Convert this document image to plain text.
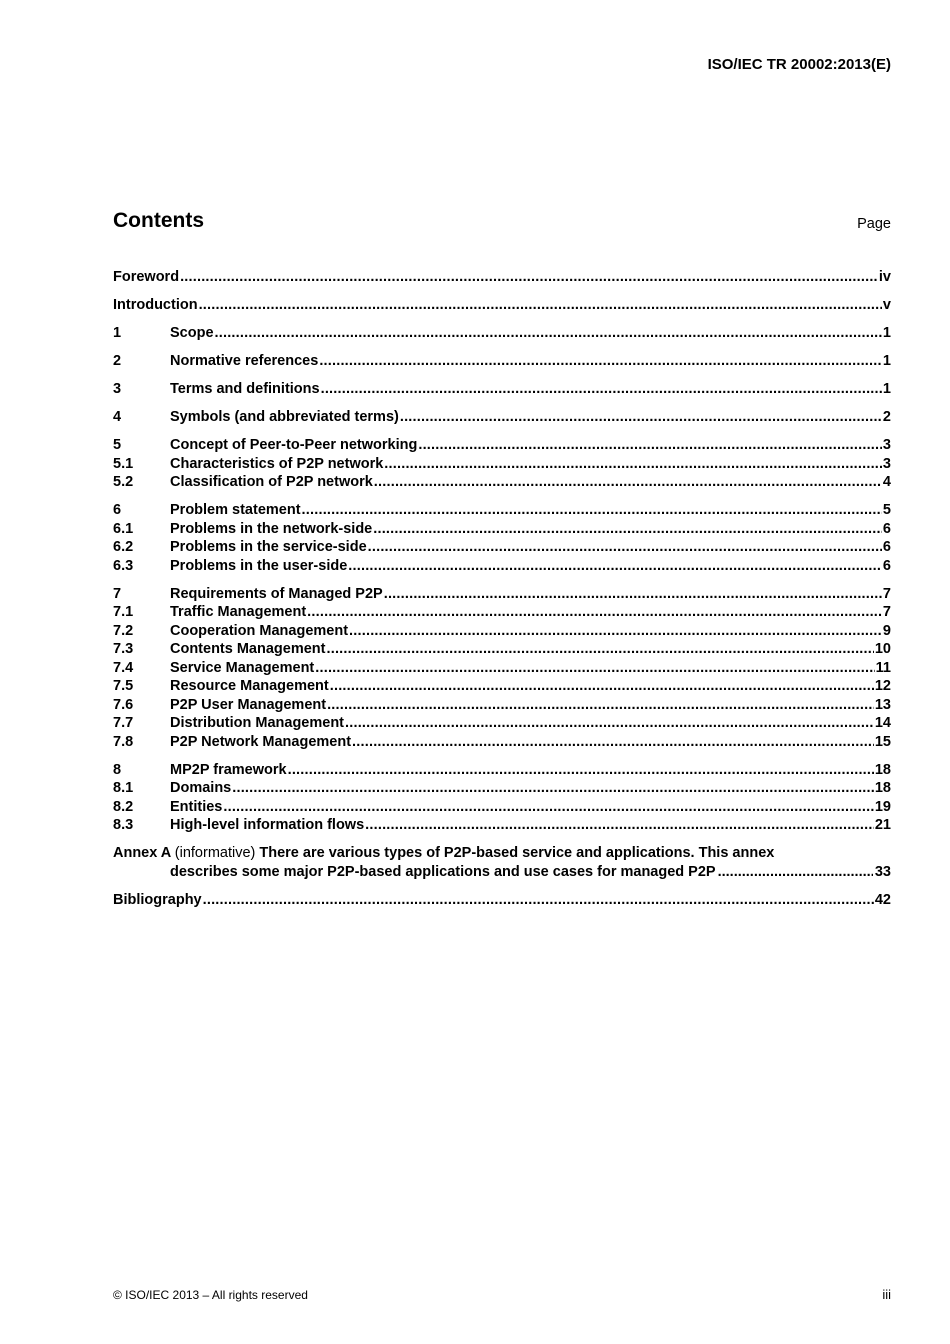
ISO/IEC TR 20002:2013(E)
Contents	Page
Foreword .....	iv
Introduction .....	v
1	Scope .....	1
2	Normative references .....	1
3	Terms and definitions .....	1
4	Symbols (and abbreviated terms) .....	2
5	Concept of Peer-to-Peer networking .....	3
5.1	Characteristics of P2P network .....	3
5.2	Classification of P2P network .....	4
6	Problem statement .....	5
6.1	Problems in the network-side .....	6
6.2	Problems in the service-side .....	6
6.3	Problems in the user-side .....	6
7	Requirements of Managed P2P .....	7
7.1	Traffic Management .....	7
7.2	Cooperation Management .....	9
7.3	Contents Management .....	10
7.4	Service Management .....	11
7.5	Resource Management .....	12
7.6	P2P User Management .....	13
7.7	Distribution Management .....	14
7.8	P2P Network Management .....	15
8	MP2P framework .....	18
8.1	Domains .....	18
8.2	Entities .....	19
8.3	High-level information flows .....	21
Annex A (informative) There are various types of P2P-based service and applications. This annex
describes some major P2P-based applications and use cases for managed P2P .....	33
Bibliography .....	42
© ISO/IEC 2013 – All rights reserved	iii
